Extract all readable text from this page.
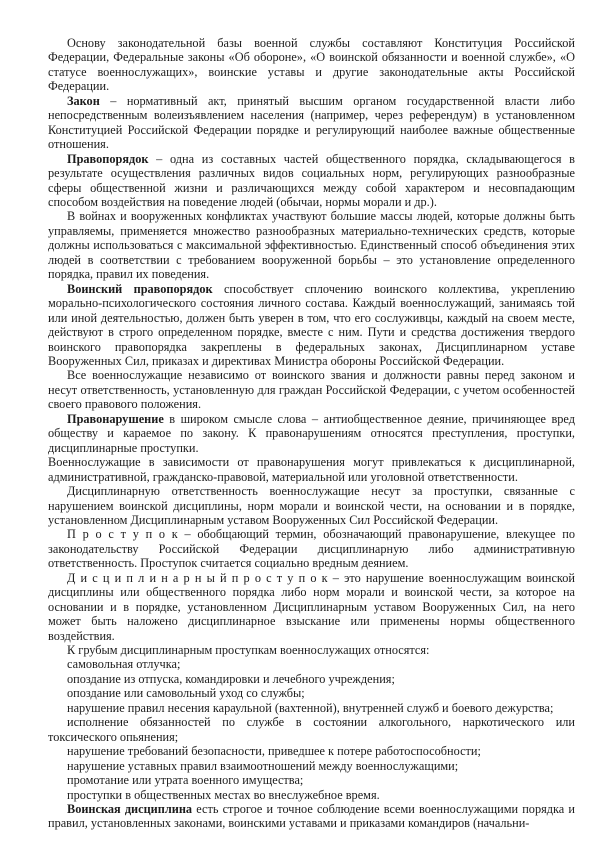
Основу законодательной базы военной службы составляют Конституция Российской Федерации, Федеральные законы «Об обороне», «О воинской обязанности и военной службе», «О статусе военнослужащих», воинские уставы и другие законодательные акты Российской Федерации.

Закон – нормативный акт, принятый высшим органом государственной власти либо непосредственным волеизъявлением населения (например, через референдум) в установленном Конституцией Российской Федерации порядке и регулирующий наиболее важные общественные отношения.

Правопорядок – одна из составных частей общественного порядка, складывающегося в результате осуществления различных видов социальных норм, регулирующих разнообразные сферы общественной жизни и различающихся между собой характером и несовпадающим способом воздействия на поведение людей (обычаи, нормы морали и др.).

В войнах и вооруженных конфликтах участвуют большие массы людей, которые должны быть управляемы, применяется множество разнообразных материально-технических средств, которые должны использоваться с максимальной эффективностью. Единственный способ объединения этих людей в соответствии с требованием вооруженной борьбы – это установление определенного порядка, правил их поведения.

Воинский правопорядок способствует сплочению воинского коллектива, укреплению морально-психологического состояния личного состава. Каждый военнослужащий, занимаясь той или иной деятельностью, должен быть уверен в том, что его сослуживцы, каждый на своем месте, действуют в строго определенном порядке, вместе с ним. Пути и средства достижения твердого воинского правопорядка закреплены в федеральных законах, Дисциплинарном уставе Вооруженных Сил, приказах и директивах Министра обороны Российской Федерации.

Все военнослужащие независимо от воинского звания и должности равны перед законом и несут ответственность, установленную для граждан Российской Федерации, с учетом особенностей своего правового положения.

Правонарушение в широком смысле слова – антиобщественное деяние, причиняющее вред обществу и караемое по закону. К правонарушениям относятся преступления, проступки, дисциплинарные проступки.

Военнослужащие в зависимости от правонарушения могут привлекаться к дисциплинарной, административной, гражданско-правовой, материальной или уголовной ответственности.

Дисциплинарную ответственность военнослужащие несут за проступки, связанные с нарушением воинской дисциплины, норм морали и воинской чести, на основании и в порядке, установленном Дисциплинарным уставом Вооруженных Сил Российской Федерации.

П р о с т у п о к – обобщающий термин, обозначающий правонарушение, влекущее по законодательству Российской Федерации дисциплинарную либо административную ответственность. Проступок считается социально вредным деянием.

Д и с ц и п л и н а р н ы й п р о с т у п о к – это нарушение военнослужащим воинской дисциплины или общественного порядка либо норм морали и воинской чести, за которое на основании и в порядке, установленном Дисциплинарным уставом Вооруженных Сил, на него может быть наложено дисциплинарное взыскание или применены нормы общественного воздействия.

К грубым дисциплинарным проступкам военнослужащих относятся:

самовольная отлучка;

опоздание из отпуска, командировки и лечебного учреждения;

опоздание или самовольный уход со службы;

нарушение правил несения караульной (вахтенной), внутренней служб и боевого дежурства;

исполнение обязанностей по службе в состоянии алкогольного, наркотического или токсического опьянения;

нарушение требований безопасности, приведшее к потере работоспособности;

нарушение уставных правил взаимоотношений между военнослужащими;

промотание или утрата военного имущества;

проступки в общественных местах во внеслужебное время.

Воинская дисциплина есть строгое и точное соблюдение всеми военнослужащими порядка и правил, установленных законами, воинскими уставами и приказами командиров (начальни-
